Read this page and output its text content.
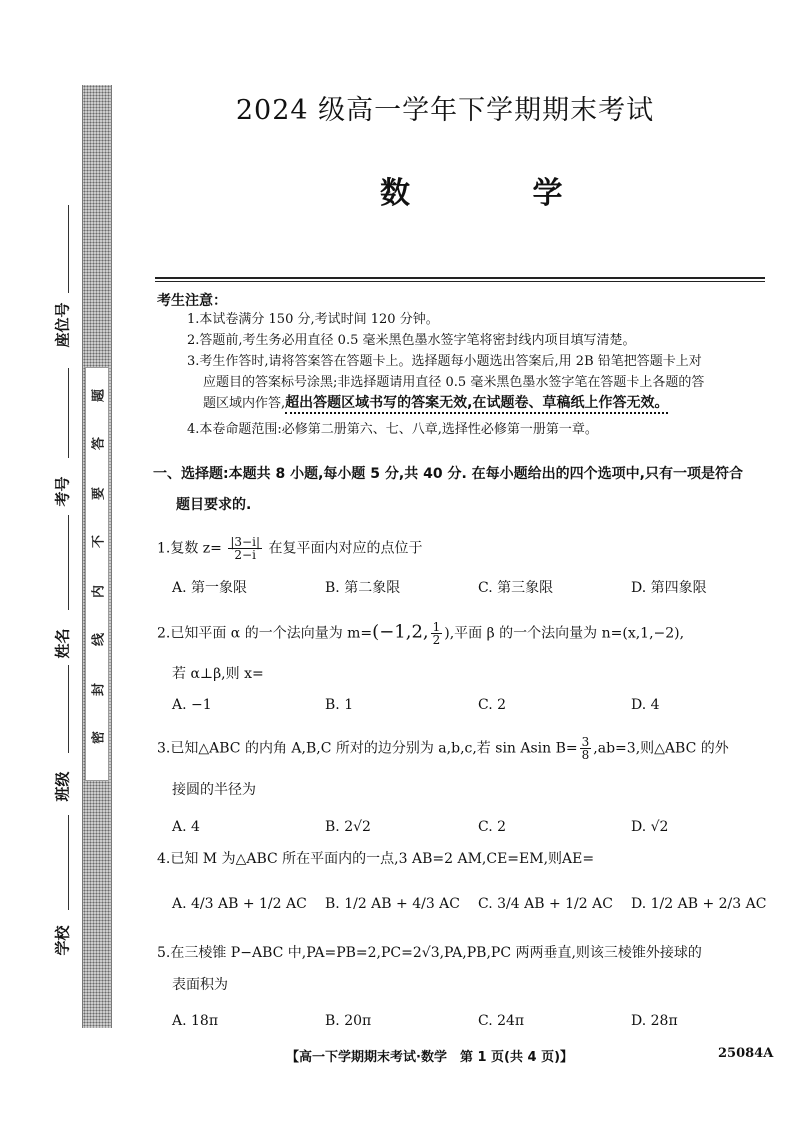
密
封
线
内
不
要
答
题
座位号
考号
姓名
班级
学校
2024 级高一学年下学期期末考试
数 学
考生注意：
1.本试卷满分 150 分,考试时间 120 分钟。
2.答题前,考生务必用直径 0.5 毫米黑色墨水签字笔将密封线内项目填写清楚。
3.考生作答时,请将答案答在答题卡上。选择题每小题选出答案后,用 2B 铅笔把答题卡上对
应题目的答案标号涂黑;非选择题请用直径 0.5 毫米黑色墨水签字笔在答题卡上各题的答
题区域内作答,超出答题区域书写的答案无效,在试题卷、草稿纸上作答无效。
4.本卷命题范围:必修第二册第六、七、八章,选择性必修第一册第一章。
一、选择题:本题共 8 小题,每小题 5 分,共 40 分. 在每小题给出的四个选项中,只有一项是符合
题目要求的.
1.复数 $z= \frac{|3-i|}{2-i}$ 在复平面内对应的点位于
A. 第一象限	B. 第二象限	C. 第三象限	D. 第四象限
2.已知平面 α 的一个法向量为 m=(−1,2, $\frac{1}{2}$ ),平面 β 的一个法向量为 n=(x,1,−2),
若 α⊥β,则 x=
A. −1	B. 1	C. 2	D. 4
3.已知△ABC 的内角 A,B,C 所对的边分别为 a,b,c,若 sin Asin $B= \frac{3}{8} ,ab=3$,则△ABC 的外
接圆的半径为
A. 4	B. 2√2	C. 2	D. √2
4.已知 M 为△ABC 所在平面内的一点,3 AB=2 AM,CE=EM,则AE=
A. 4/3 AB + 1/2 AC B. 1/2 AB + 4/3 AC C. 3/4 AB + 1/2 AC D. 1/2 AB + 2/3 AC
5.在三棱锥 P−ABC 中,PA=PB=2,PC=2√3,PA,PB,PC 两两垂直,则该三棱锥外接球的
表面积为
A. 18π	B. 20π	C. 24π	D. 28π
【高一下学期期末考试·数学　第 1 页(共 4 页)】	25084A
